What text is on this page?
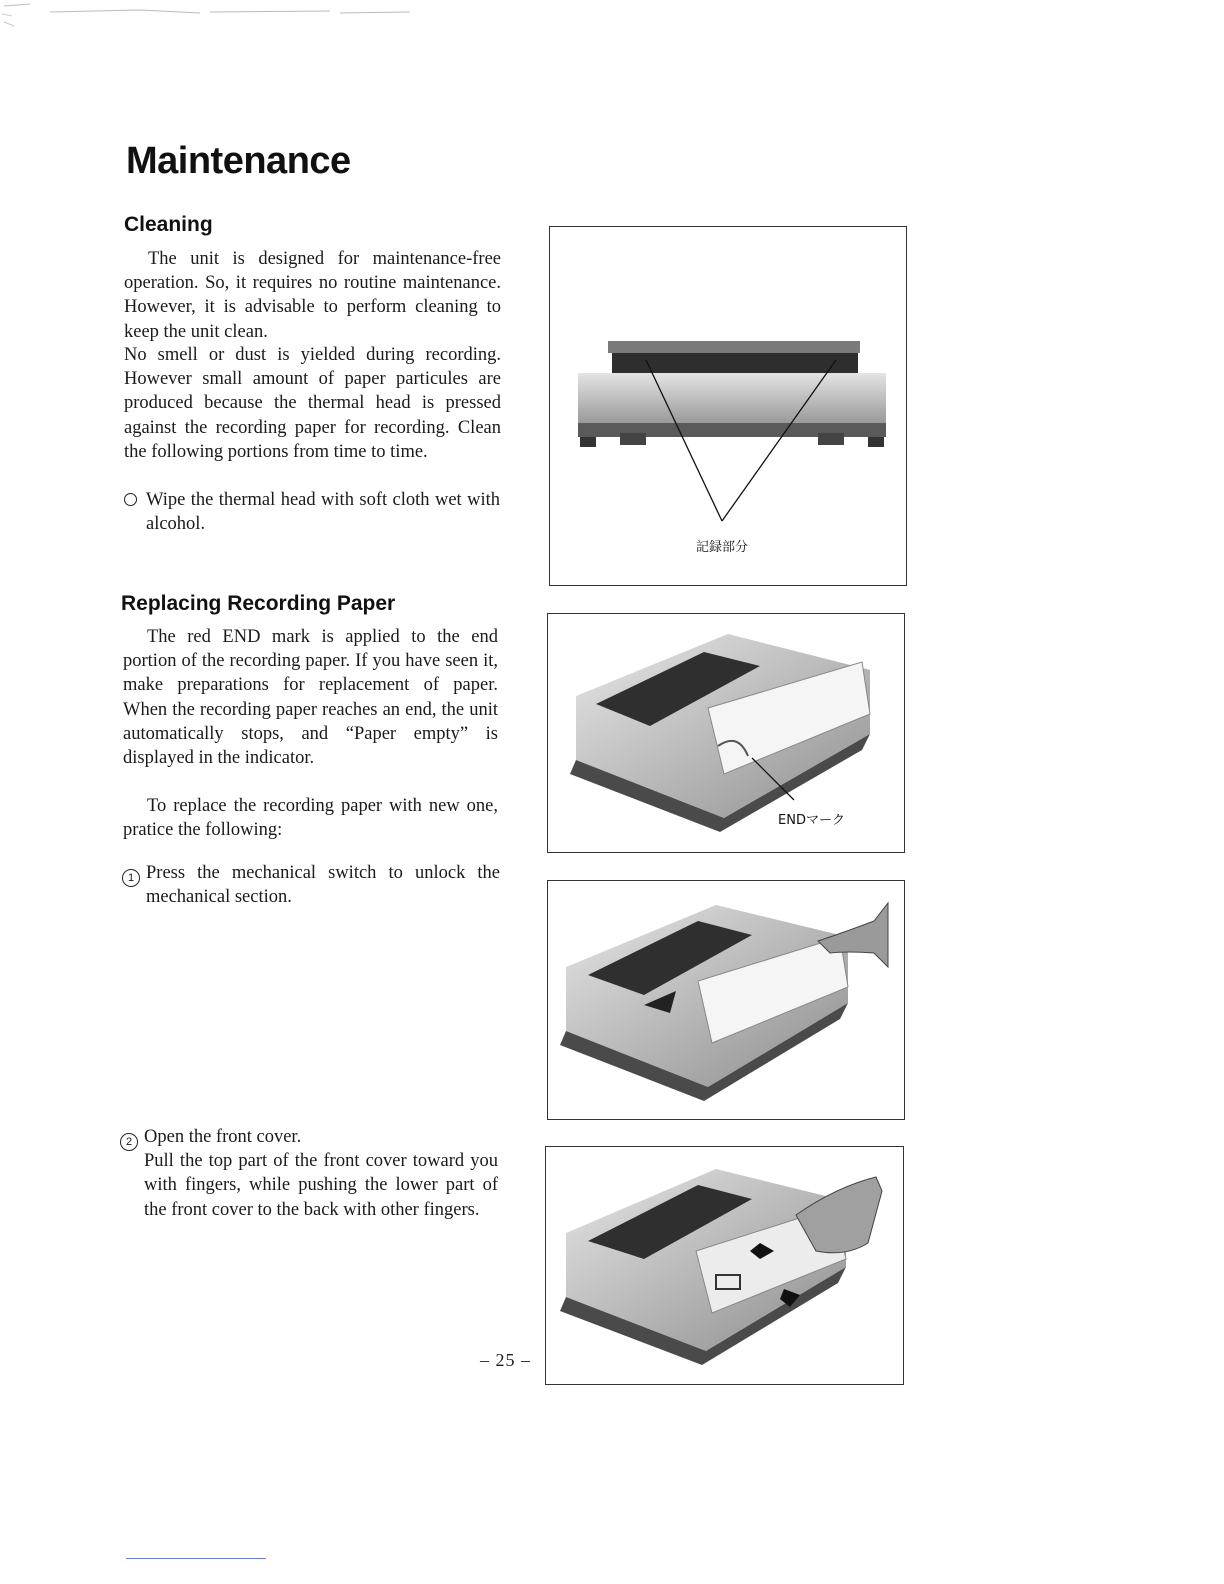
Maintenance
Cleaning

The unit is designed for maintenance-free operation. So, it requires no routine maintenance. However, it is advisable to perform cleaning to keep the unit clean.

No smell or dust is yielded during recording. However small amount of paper particules are produced because the thermal head is pressed against the recording paper for recording. Clean the following portions from time to time.

Wipe the thermal head with soft cloth wet with alcohol.
記録部分
Replacing Recording Paper

The red END mark is applied to the end portion of the recording paper. If you have seen it, make preparations for replacement of paper. When the recording paper reaches an end, the unit automatically stops, and “Paper empty” is displayed in the indicator.

To replace the recording paper with new one, pratice the following:

1 Press the mechanical switch to unlock the mechanical section.
2 Open the front cover.
Pull the top part of the front cover toward you with fingers, while pushing the lower part of the front cover to the back with other fingers.
ENDマーク
– 25 –
